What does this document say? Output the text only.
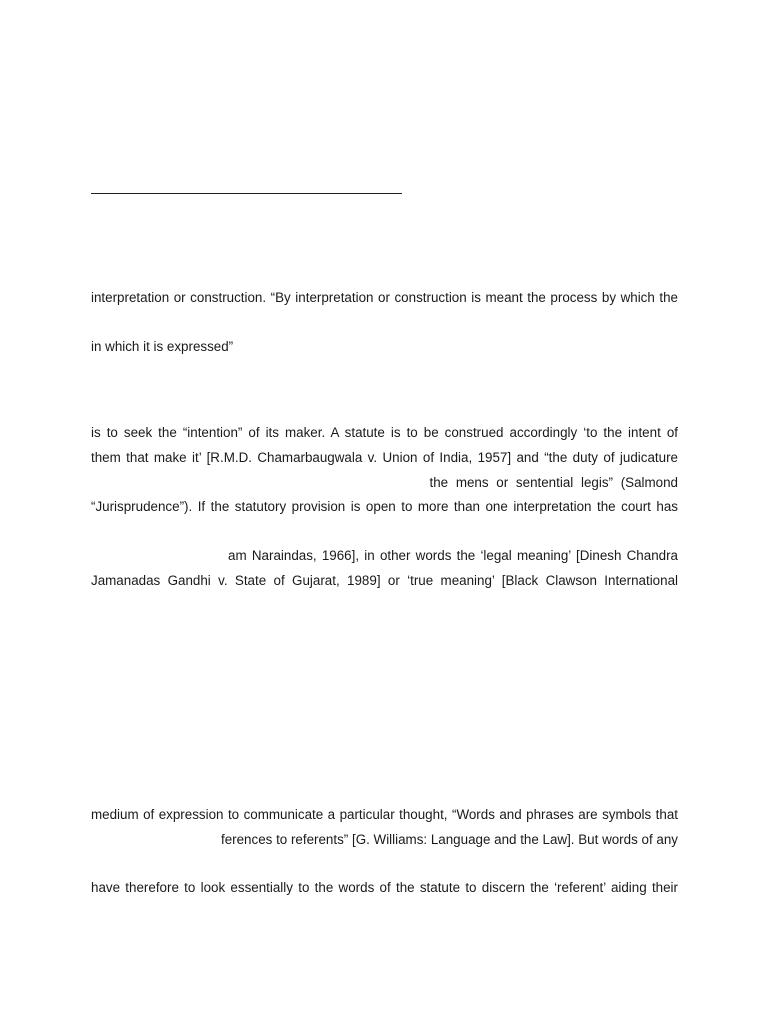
interpretation or construction. “By interpretation or construction is meant the process by which the
in which it is expressed”
is to seek the “intention” of its maker. A statute is to be construed accordingly ‘to the intent of
them that make it’ [R.M.D. Chamarbaugwala v. Union of India, 1957] and “the duty of judicature
the mens or sentential legis” (Salmond
“Jurisprudence”). If the statutory provision is open to more than one interpretation the court has
am Naraindas, 1966], in other words the ‘legal meaning’ [Dinesh Chandra
Jamanadas Gandhi v. State of Gujarat, 1989] or ‘true meaning’ [Black Clawson International
medium of expression to communicate a particular thought, “Words and phrases are symbols that
ferences to referents” [G. Williams: Language and the Law]. But words of any
have therefore to look essentially to the words of the statute to discern the ‘referent’ aiding their
